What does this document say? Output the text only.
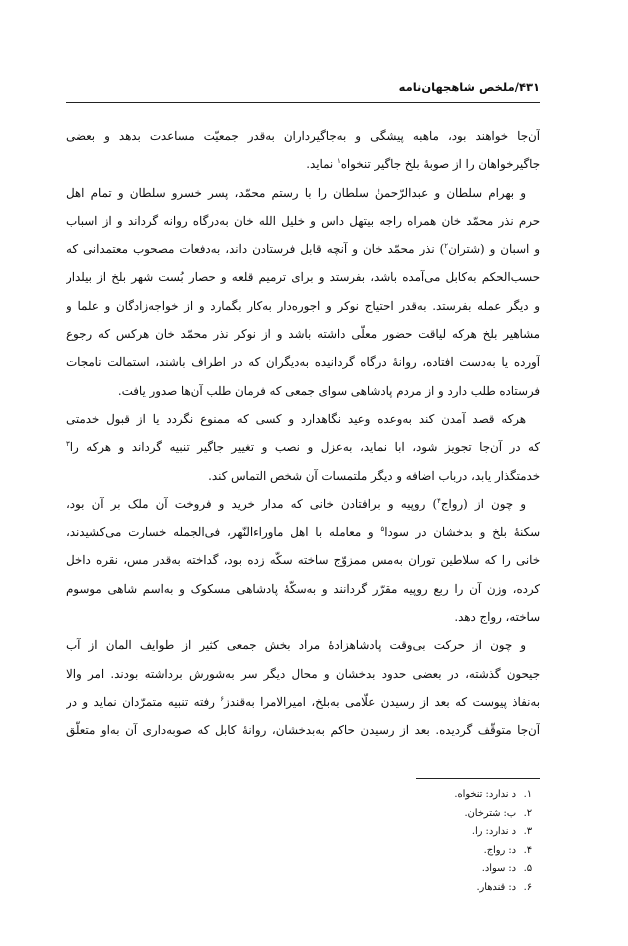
۴۳۱/ملخص شاهجهان‌نامه
آن‌جا خواهند بود، ماهبه پیشگی و به‌جاگیرداران به‌قدر جمعیّت مساعدت بدهد و بعضی
جاگیرخواهان را از صوبهٔ بلخ جاگیر تنخواه$^۱$ نماید.
و بهرام سلطان و عبدالرّحمنٰ سلطان را با رستم محمّد، پسر خسرو سلطان و تمام اهل
حرم نذر محمّد خان همراه راجه بیتهل داس و خلیل الله خان به‌درگاه روانه گرداند و از اسباب
و اسبان و (شتران$^۲$) نذر محمّد خان و آنچه قابل فرستادن داند، به‌دفعات مصحوب معتمدانی که
حسب‌الحکم به‌کابل می‌آمده باشد، بفرستد و برای ترمیم قلعه و حصار بُست شهر بلخ از بیلدار
و دیگر عمله بفرستد. به‌قدر احتیاج نوکر و اجوره‌دار به‌کار بگمارد و از خواجه‌زادگان و علما و
مشاهیر بلخ هرکه لیاقت حضور معلّی داشته باشد و از نوکر نذر محمّد خان هرکس که رجوع
آورده یا به‌دست افتاده، روانهٔ درگاه گردانیده به‌دیگران که در اطراف باشند، استمالت نامجات
فرستاده طلب دارد و از مردم پادشاهی سوای جمعی که فرمان طلب آن‌ها صدور یافت.
هرکه قصد آمدن کند به‌وعده وعید نگاهدارد و کسی که ممنوع نگردد یا از قبول خدمتی
که در آن‌جا تجویز شود، ابا نماید، به‌عزل و نصب و تغییر جاگیر تنبیه گرداند و هرکه را$^۳$
خدمتگذار یابد، درباب اضافه و دیگر ملتمسات آن شخص التماس کند.
و چون از (رواج$^۴$) روپیه و برافتادن خانی که مدار خرید و فروخت آن ملک بر آن بود،
سکنهٔ بلخ و بدخشان در سودا$^۵$ و معامله با اهل ماوراءالنّهر، فی‌الجمله خسارت می‌کشیدند،
خانی را که سلاطین توران به‌مس ممزوّج ساخته سکّه زده بود، گداخته به‌قدر مس، نقره داخل
کرده، وزن آن را ربع روپیه مقرّر گردانند و به‌سکّهٔ پادشاهی مسکوک و به‌اسم شاهی موسوم
ساخته، رواج دهد.
و چون از حرکت بی‌وقت پادشاهزادهٔ مراد بخش جمعی کثیر از طوایف المان از آب
جیحون گذشته، در بعضی حدود بدخشان و محال دیگر سر به‌شورش برداشته بودند. امر والا
به‌نفاذ پیوست که بعد از رسیدن علّامی به‌بلخ، امیرالامرا به‌قندز$^۶$ رفته تنبیه متمرّدان نماید و در
آن‌جا متوقّف گردیده. بعد از رسیدن حاکم به‌بدخشان، روانهٔ کابل که صوبه‌داری آن به‌او متعلّق
۱.د ندارد: تنخواه.
۲.ب: شترخان.
۳.د ندارد: را.
۴.د: رواج.
۵.د: سواد.
۶.د: قندهار.
